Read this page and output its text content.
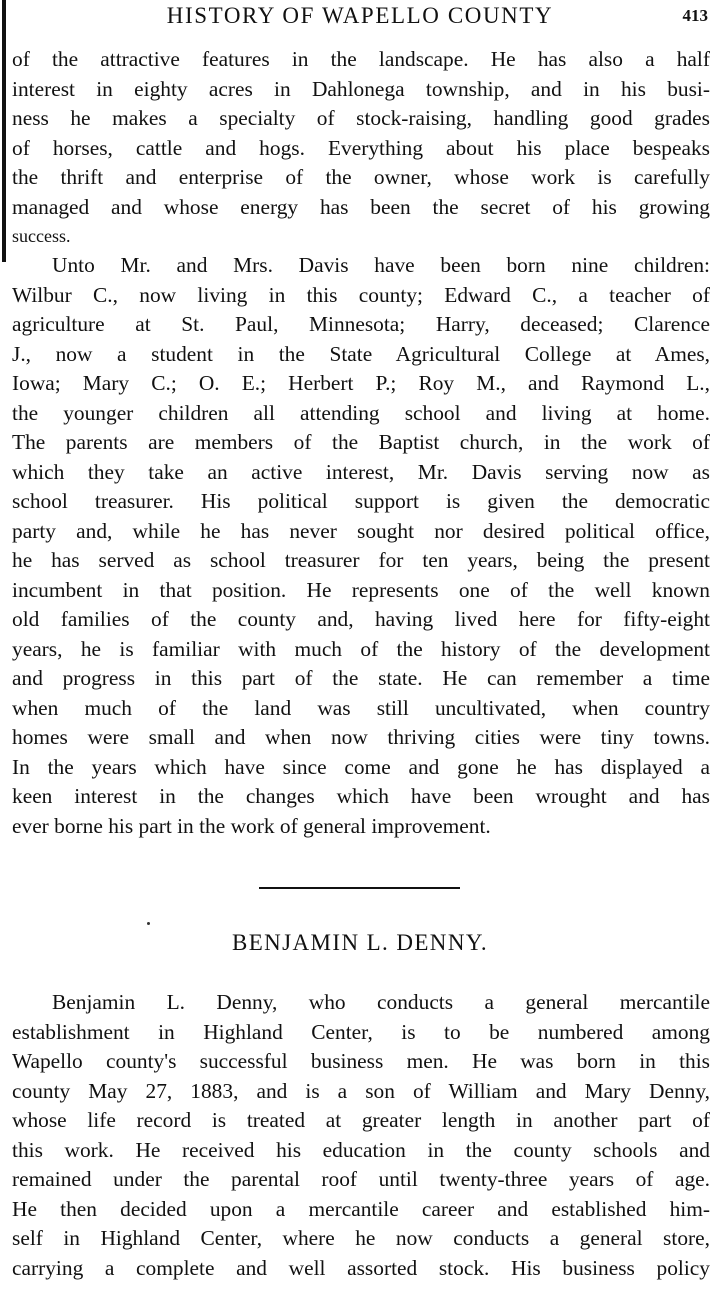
HISTORY OF WAPELLO COUNTY	413
of the attractive features in the landscape. He has also a half
interest in eighty acres in Dahlonega township, and in his busi-
ness he makes a specialty of stock-raising, handling good grades
of horses, cattle and hogs. Everything about his place bespeaks
the thrift and enterprise of the owner, whose work is carefully
managed and whose energy has been the secret of his growing
success.
Unto Mr. and Mrs. Davis have been born nine children:
Wilbur C., now living in this county; Edward C., a teacher of
agriculture at St. Paul, Minnesota; Harry, deceased; Clarence
J., now a student in the State Agricultural College at Ames,
Iowa; Mary C.; O. E.; Herbert P.; Roy M., and Raymond L.,
the younger children all attending school and living at home.
The parents are members of the Baptist church, in the work of
which they take an active interest, Mr. Davis serving now as
school treasurer. His political support is given the democratic
party and, while he has never sought nor desired political office,
he has served as school treasurer for ten years, being the present
incumbent in that position. He represents one of the well known
old families of the county and, having lived here for fifty-eight
years, he is familiar with much of the history of the development
and progress in this part of the state. He can remember a time
when much of the land was still uncultivated, when country
homes were small and when now thriving cities were tiny towns.
In the years which have since come and gone he has displayed a
keen interest in the changes which have been wrought and has
ever borne his part in the work of general improvement.
BENJAMIN L. DENNY.
Benjamin L. Denny, who conducts a general mercantile
establishment in Highland Center, is to be numbered among
Wapello county's successful business men. He was born in this
county May 27, 1883, and is a son of William and Mary Denny,
whose life record is treated at greater length in another part of
this work. He received his education in the county schools and
remained under the parental roof until twenty-three years of age.
He then decided upon a mercantile career and established him-
self in Highland Center, where he now conducts a general store,
carrying a complete and well assorted stock. His business policy
